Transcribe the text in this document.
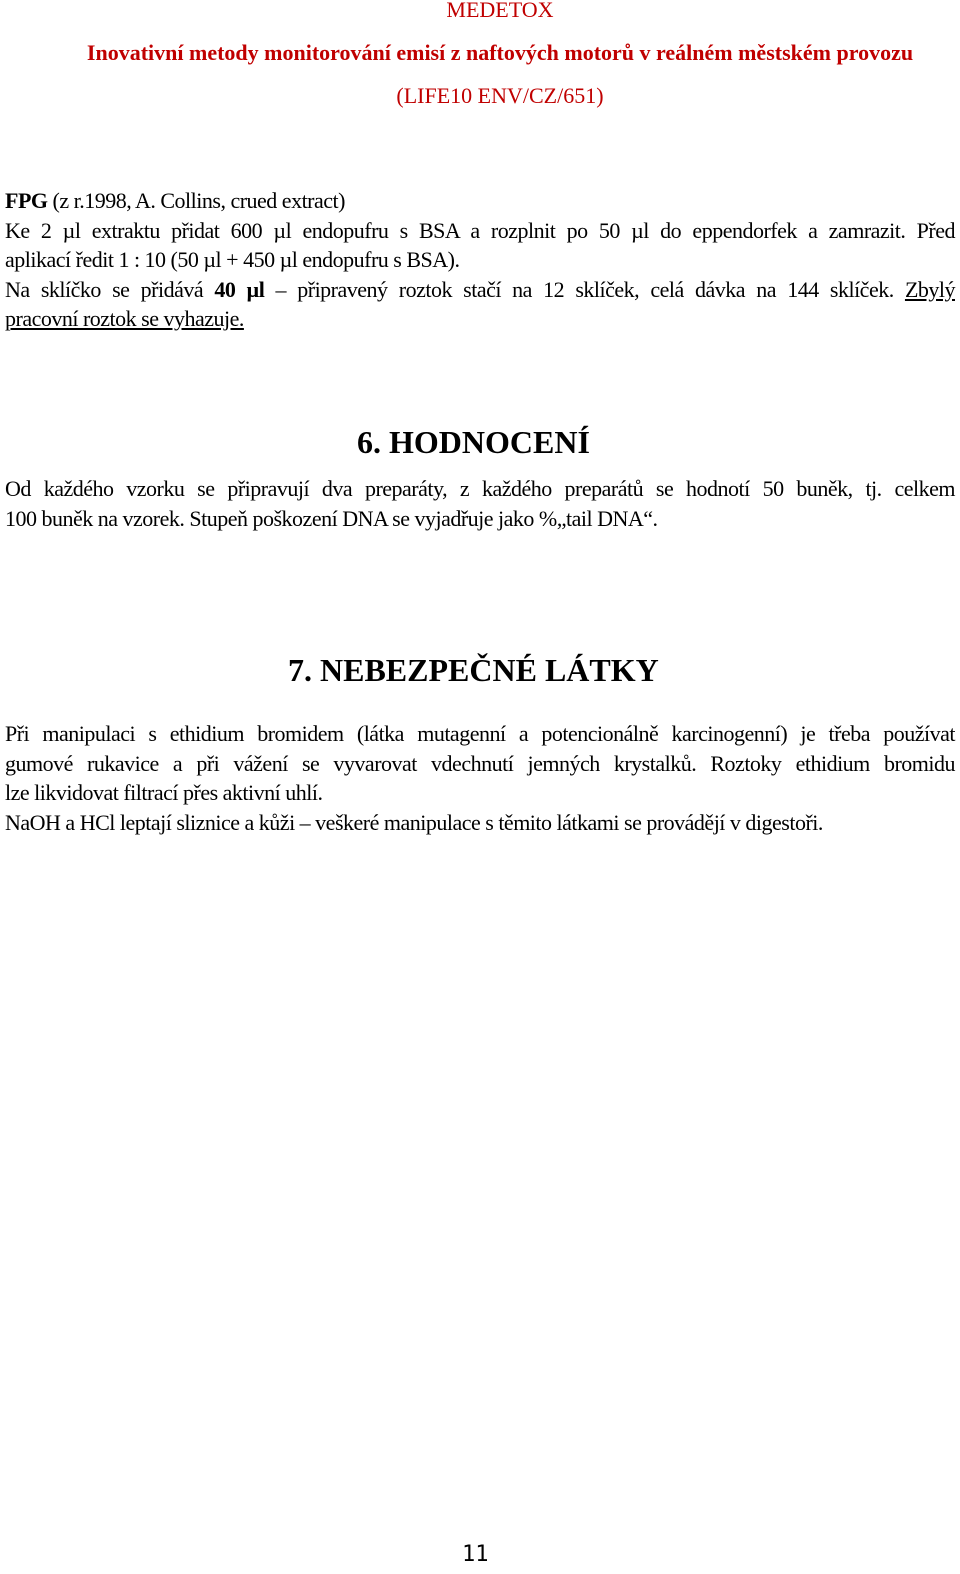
MEDETOX
Inovativní metody monitorování emisí z naftových motorů v reálném městském provozu
(LIFE10 ENV/CZ/651)
FPG (z r.1998, A. Collins, crued extract)
Ke 2 µl extraktu přidat 600 µl endopufru s BSA a rozplnit po 50 µl do eppendorfek a zamrazit. Před
aplikací ředit 1 : 10 (50 µl + 450 µl endopufru s BSA).
Na sklíčko se přidává 40 µl – připravený roztok stačí na 12 sklíček, celá dávka na 144 sklíček. Zbylý
pracovní roztok se vyhazuje.
6. HODNOCENÍ
Od každého vzorku se připravují dva preparáty, z každého preparátů se hodnotí 50 buněk, tj. celkem
100 buněk na vzorek. Stupeň poškození DNA se vyjadřuje jako %„tail DNA“.
7. NEBEZPEČNÉ LÁTKY
Při manipulaci s ethidium bromidem (látka mutagenní a potencionálně karcinogenní) je třeba používat
gumové rukavice a při vážení se vyvarovat vdechnutí jemných krystalků. Roztoky ethidium bromidu
lze likvidovat filtrací přes aktivní uhlí.
NaOH a HCl leptají sliznice a kůži – veškeré manipulace s těmito látkami se provádějí v digestoři.
11
